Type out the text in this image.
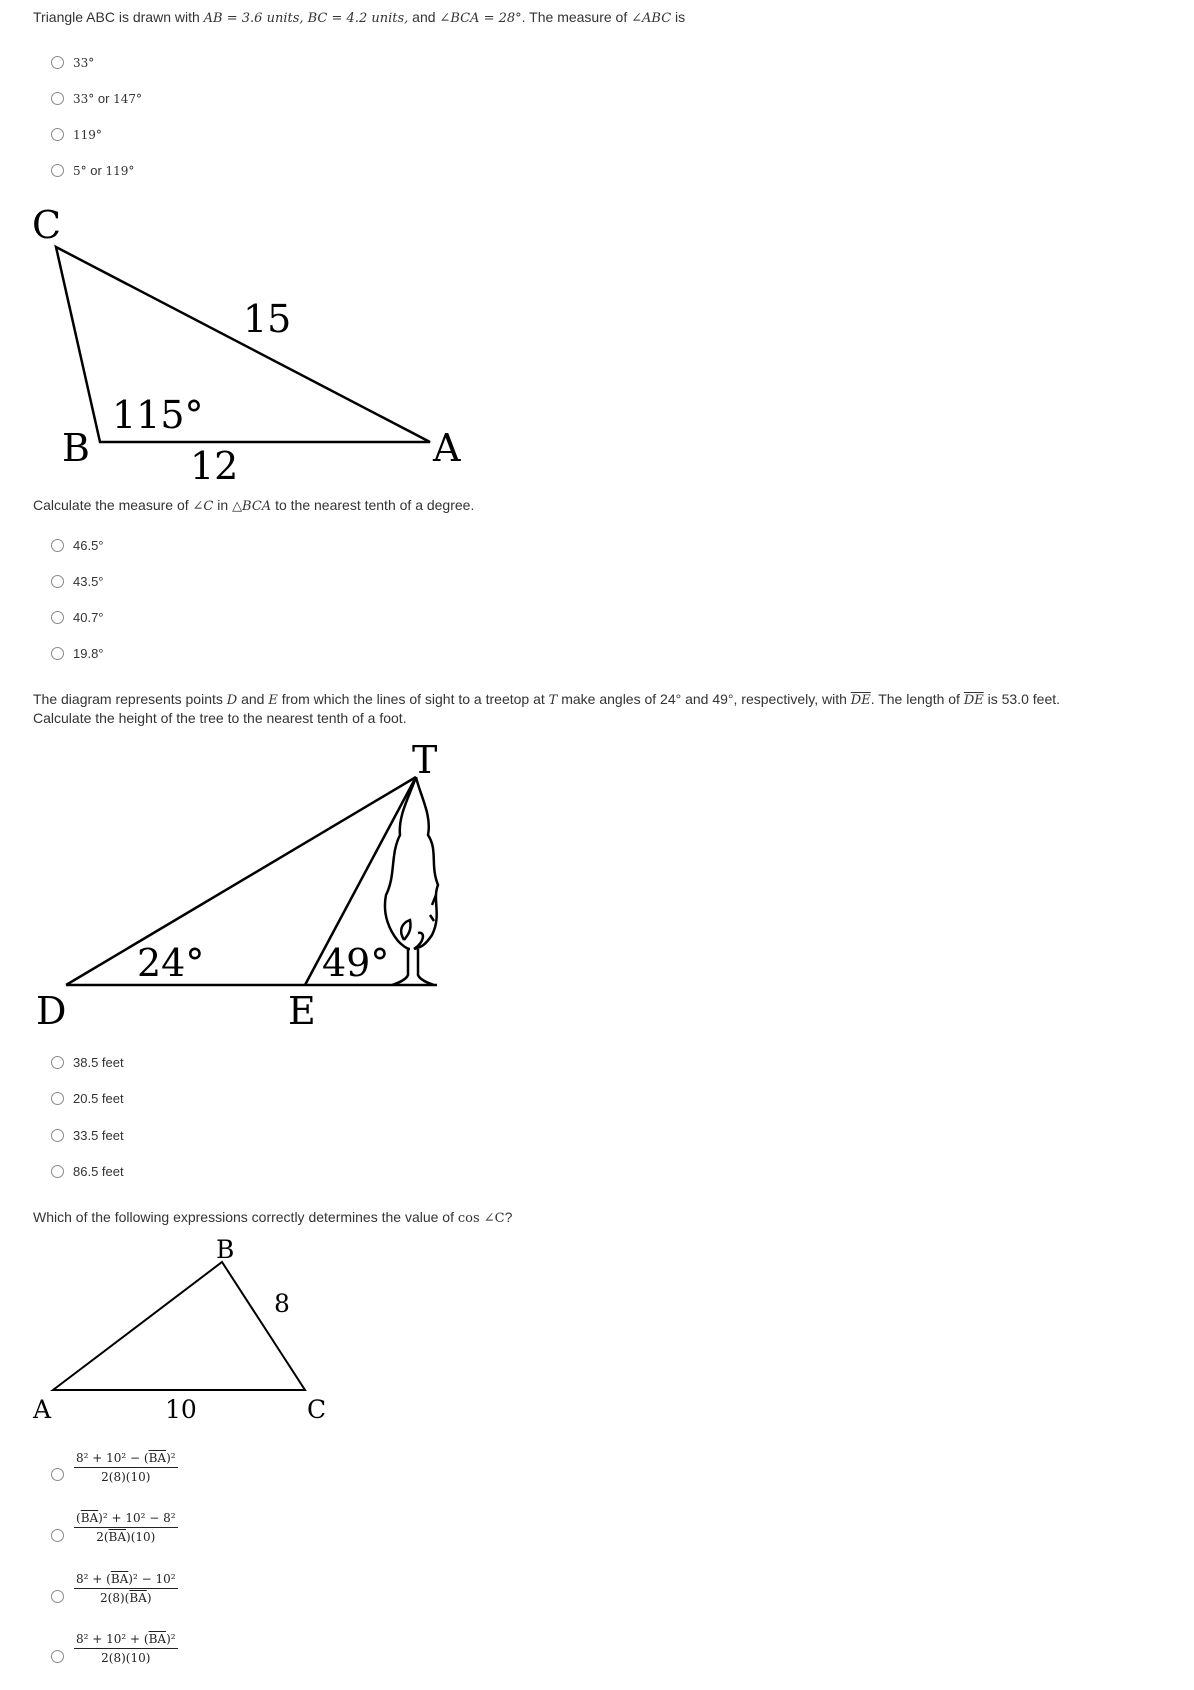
Triangle ABC is drawn with AB = 3.6 units, BC = 4.2 units, and ∠BCA = 28°. The measure of ∠ABC is
33°
33° or 147°
119°
5° or 119°
C
B	A
15
12
115°
Calculate the measure of ∠C in △BCA to the nearest tenth of a degree.
46.5°
43.5°
40.7°
19.8°
The diagram represents points D and E from which the lines of sight to a treetop at T make angles of 24° and 49°, respectively, with $\overline{DE}$. The length of $\overline{DE}$ is 53.0 feet.
Calculate the height of the tree to the nearest tenth of a foot.
T
D	E
24°	49°
38.5 feet
20.5 feet
33.5 feet
86.5 feet
Which of the following expressions correctly determines the value of cos ∠C?
B
A	C
8
10
$\frac{8^2 + 10^2 - (\overline{BA})^2}{2(8)(10)}$
$\frac{(\overline{BA})^2 + 10^2 - 8^2}{2(\overline{BA})(10)}$
$\frac{8^2 + (\overline{BA})^2 - 10^2}{2(8)(\overline{BA})}$
$\frac{8^2 + 10^2 + (\overline{BA})^2}{2(8)(10)}$
